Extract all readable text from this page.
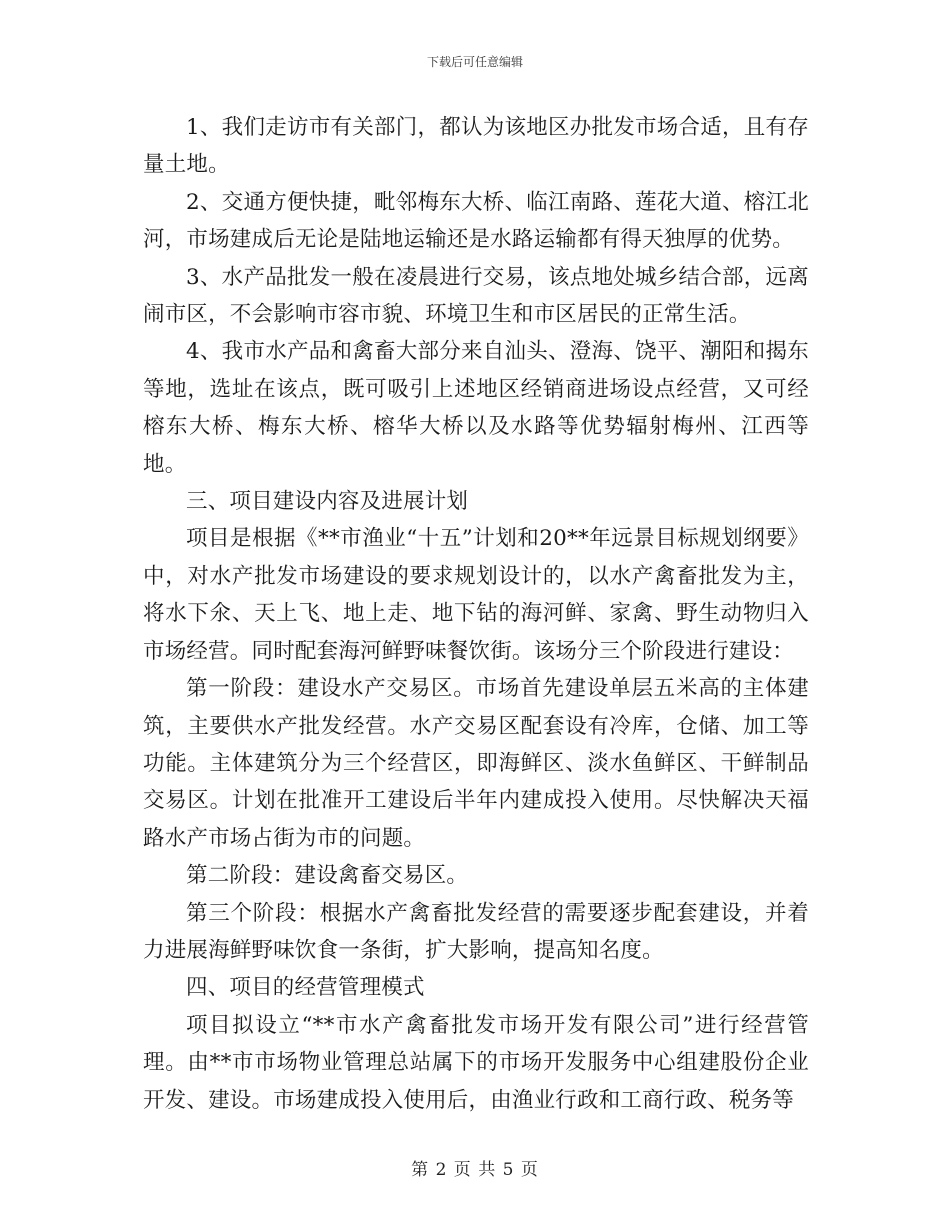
下载后可任意编辑

1、我们走访市有关部门，都认为该地区办批发市场合适，且有存量土地。

2、交通方便快捷，毗邻梅东大桥、临江南路、莲花大道、榕江北河，市场建成后无论是陆地运输还是水路运输都有得天独厚的优势。

3、水产品批发一般在凌晨进行交易，该点地处城乡结合部，远离闹市区，不会影响市容市貌、环境卫生和市区居民的正常生活。

4、我市水产品和禽畜大部分来自汕头、澄海、饶平、潮阳和揭东等地，选址在该点，既可吸引上述地区经销商进场设点经营，又可经榕东大桥、梅东大桥、榕华大桥以及水路等优势辐射梅州、江西等地。

三、项目建设内容及进展计划

项目是根据《**市渔业“十五”计划和20**年远景目标规划纲要》中，对水产批发市场建设的要求规划设计的，以水产禽畜批发为主，将水下氽、天上飞、地上走、地下钻的海河鲜、家禽、野生动物归入市场经营。同时配套海河鲜野味餐饮街。该场分三个阶段进行建设：

第一阶段：建设水产交易区。市场首先建设单层五米高的主体建筑，主要供水产批发经营。水产交易区配套设有冷库，仓储、加工等功能。主体建筑分为三个经营区，即海鲜区、淡水鱼鲜区、干鲜制品交易区。计划在批准开工建设后半年内建成投入使用。尽快解决天福路水产市场占街为市的问题。

第二阶段：建设禽畜交易区。

第三个阶段：根据水产禽畜批发经营的需要逐步配套建设，并着力进展海鲜野味饮食一条街，扩大影响，提高知名度。

四、项目的经营管理模式

项目拟设立“**市水产禽畜批发市场开发有限公司”进行经营管理。由**市市场物业管理总站属下的市场开发服务中心组建股份企业开发、建设。市场建成投入使用后，由渔业行政和工商行政、税务等

第 2 页 共 5 页
